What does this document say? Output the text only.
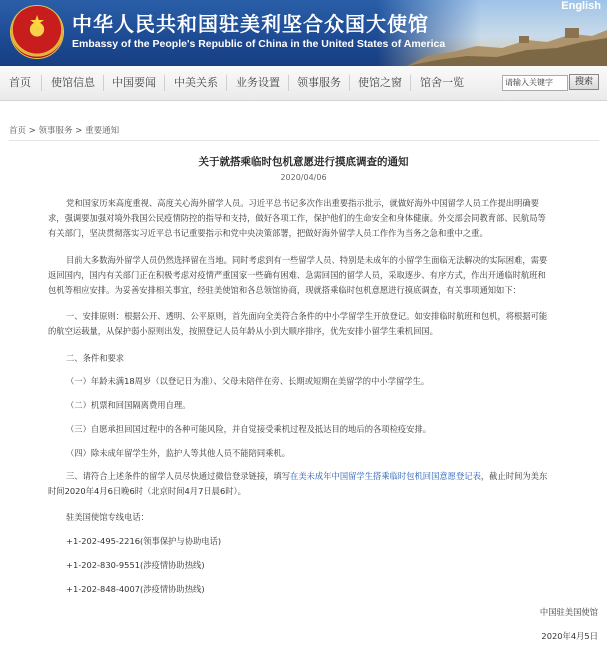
★ 中华人民共和国驻美利坚合众国大使馆
Embassy of the People's Republic of China in the United States of America
English
首页 使馆信息 中国要闻 中美关系 业务设置 领事服务 使馆之窗 馆舍一览
请输入关键字	搜索
首页 > 领事服务 > 重要通知
关于就搭乘临时包机意愿进行摸底调查的通知
2020/04/06
党和国家历来高度重视、高度关心海外留学人员。习近平总书记多次作出重要指示批示，就做好海外中国留学人员工作提出明确要求，强调要加强对境外我国公民疫情防控的指导和支持，做好各项工作，保护他们的生命安全和身体健康。外交部会同教育部、民航局等有关部门，坚决贯彻落实习近平总书记重要指示和党中央决策部署，把做好海外留学人员工作作为当务之急和重中之重。
目前大多数海外留学人员仍然选择留在当地。同时考虑到有一些留学人员、特别是未成年的小留学生面临无法解决的实际困难，需要返回国内，国内有关部门正在积极考虑对疫情严重国家一些确有困难、急需回国的留学人员，采取逐步、有序方式，作出开通临时航班和包机等相应安排。为妥善安排相关事宜，经驻美使馆和各总领馆协商，现就搭乘临时包机意愿进行摸底调查，有关事项通知如下：
一、安排原则：根据公开、透明、公平原则，首先面向全美符合条件的中小学留学生开放登记。如安排临时航班和包机，将根据可能的航空运载量，从保护弱小原则出发，按照登记人员年龄从小到大顺序排序，优先安排小留学生乘机回国。
二、条件和要求
（一）年龄未满18周岁（以登记日为准）、父母未陪伴在旁、长期或短期在美留学的中小学留学生。
（二）机票和回国隔离费用自理。
（三）自愿承担回国过程中的各种可能风险，并自觉接受乘机过程及抵达目的地后的各项检疫安排。
（四）除未成年留学生外，监护人等其他人员不能陪同乘机。
三、请符合上述条件的留学人员尽快通过微信登录链接，填写在美未成年中国留学生搭乘临时包机回国意愿登记表，截止时间为美东时间2020年4月6日晚6时（北京时间4月7日晨6时）。
驻美国使馆专线电话：
+1-202-495-2216(领事保护与协助电话)
+1-202-830-9551(涉疫情协助热线)
+1-202-848-4007(涉疫情协助热线)
中国驻美国使馆
2020年4月5日
